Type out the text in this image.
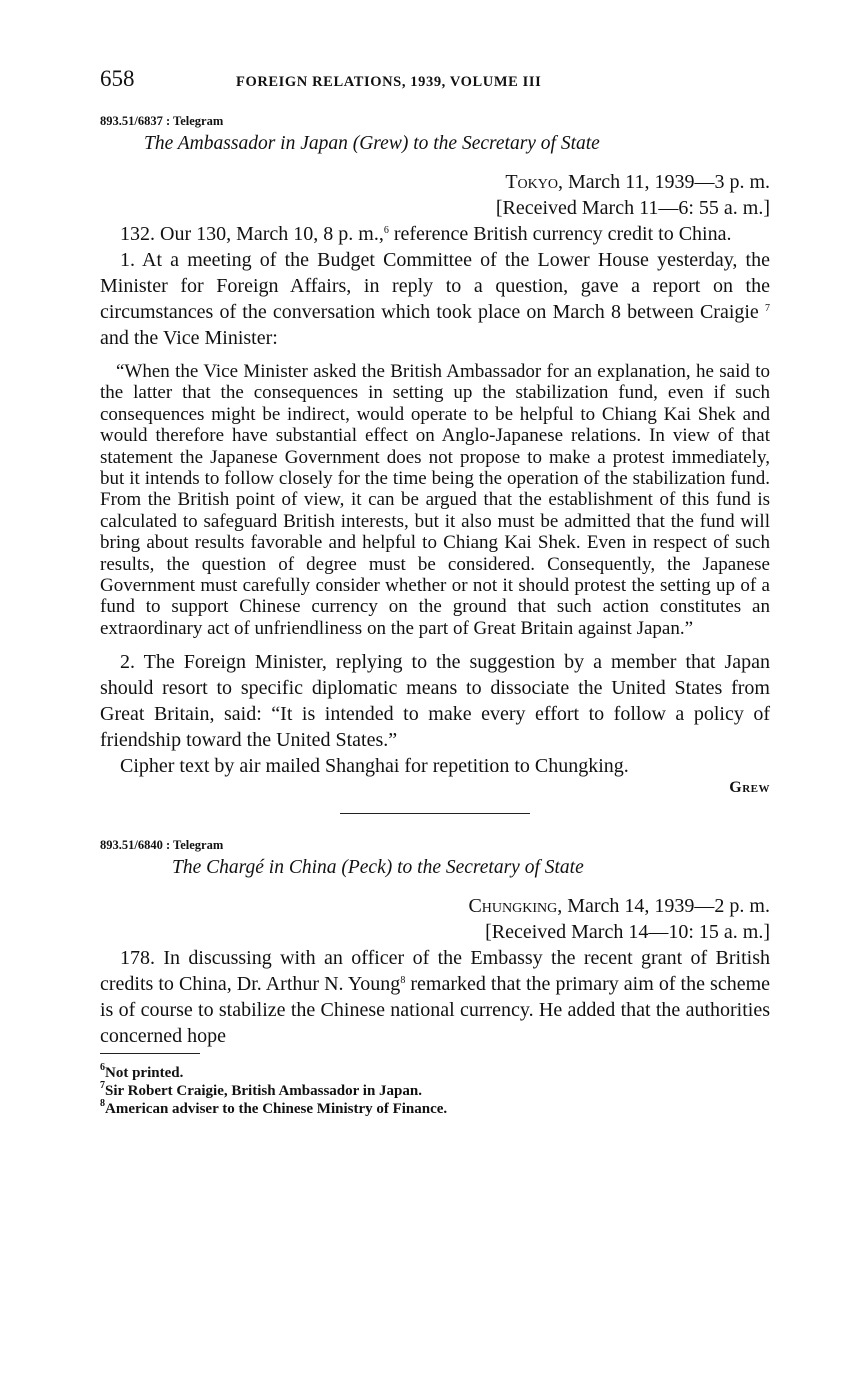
658	FOREIGN RELATIONS, 1939, VOLUME III
893.51/6837 : Telegram
The Ambassador in Japan (Grew) to the Secretary of State
Tokyo, March 11, 1939—3 p. m.
[Received March 11—6: 55 a. m.]

132. Our 130, March 10, 8 p. m.,$^6$ reference British currency credit to China.

1. At a meeting of the Budget Committee of the Lower House yesterday, the Minister for Foreign Affairs, in reply to a question, gave a report on the circumstances of the conversation which took place on March 8 between Craigie $^7$ and the Vice Minister:

“When the Vice Minister asked the British Ambassador for an explanation, he said to the latter that the consequences in setting up the stabilization fund, even if such consequences might be indirect, would operate to be helpful to Chiang Kai Shek and would therefore have substantial effect on Anglo-Japanese relations. In view of that statement the Japanese Government does not propose to make a protest immediately, but it intends to follow closely for the time being the operation of the stabilization fund. From the British point of view, it can be argued that the establishment of this fund is calculated to safeguard British interests, but it also must be admitted that the fund will bring about results favorable and helpful to Chiang Kai Shek. Even in respect of such results, the question of degree must be considered. Consequently, the Japanese Government must carefully consider whether or not it should protest the setting up of a fund to support Chinese currency on the ground that such action constitutes an extraordinary act of unfriendliness on the part of Great Britain against Japan.”

2. The Foreign Minister, replying to the suggestion by a member that Japan should resort to specific diplomatic means to dissociate the United States from Great Britain, said: “It is intended to make every effort to follow a policy of friendship toward the United States.”

Cipher text by air mailed Shanghai for repetition to Chungking.

Grew
893.51/6840 : Telegram
The Chargé in China (Peck) to the Secretary of State
Chungking, March 14, 1939—2 p. m.
[Received March 14—10: 15 a. m.]

178. In discussing with an officer of the Embassy the recent grant of British credits to China, Dr. Arthur N. Young$^8$ remarked that the primary aim of the scheme is of course to stabilize the Chinese national currency. He added that the authorities concerned hope

$^6$Not printed.
$^7$Sir Robert Craigie, British Ambassador in Japan.
$^8$American adviser to the Chinese Ministry of Finance.
